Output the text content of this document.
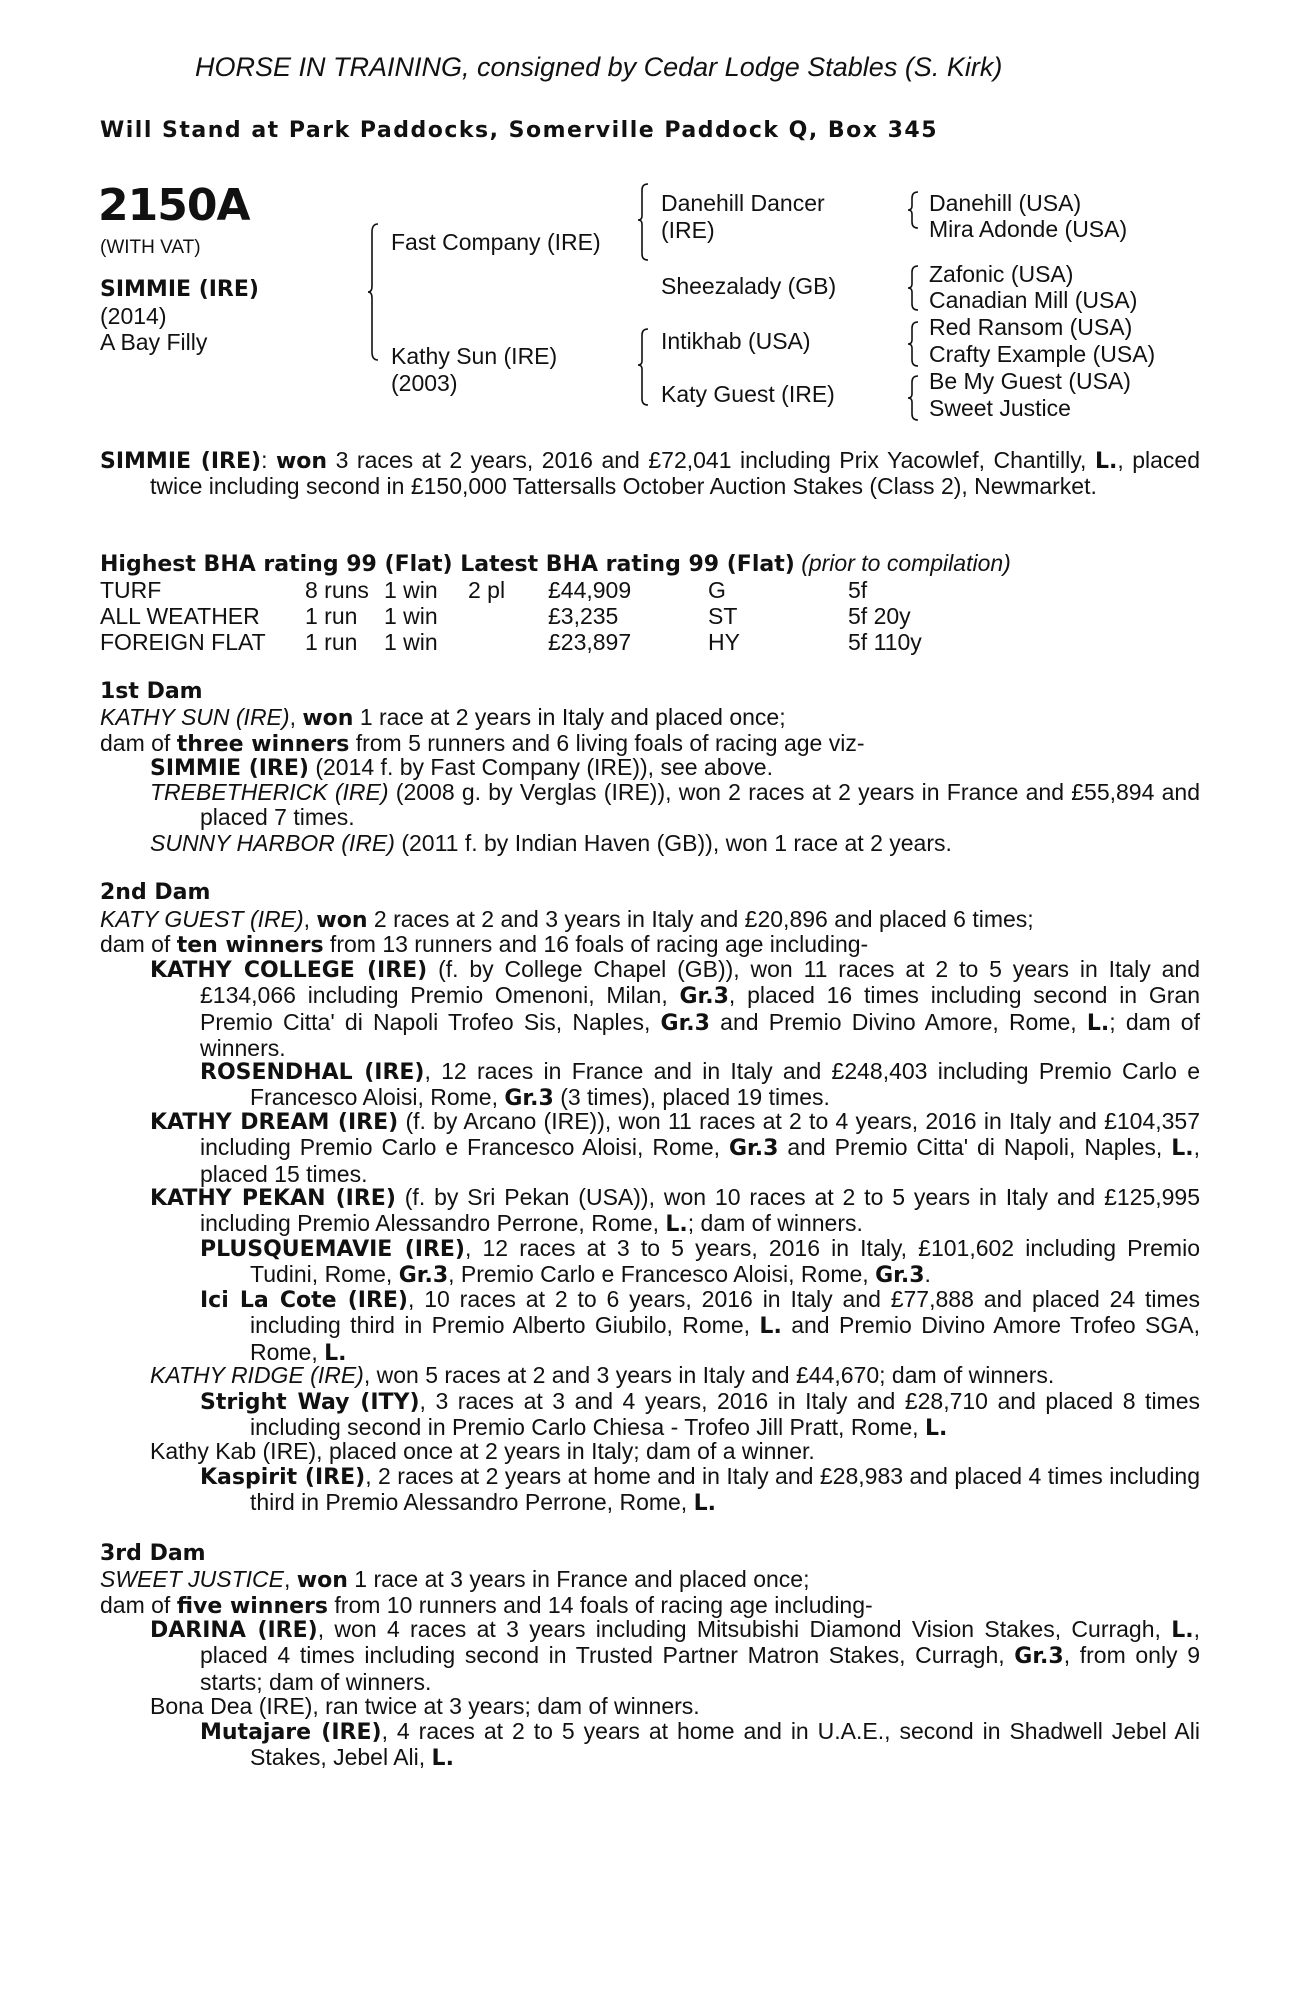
HORSE IN TRAINING, consigned by Cedar Lodge Stables (S. Kirk)
Will Stand at Park Paddocks, Somerville Paddock Q, Box 345
2150A
(WITH VAT)
SIMMIE (IRE)
(2014)
A Bay Filly
Fast Company (IRE)
Kathy Sun (IRE)
(2003)
Danehill Dancer
(IRE)
Sheezalady (GB)
Intikhab (USA)
Katy Guest (IRE)
Danehill (USA)
Mira Adonde (USA)
Zafonic (USA)
Canadian Mill (USA)
Red Ransom (USA)
Crafty Example (USA)
Be My Guest (USA)
Sweet Justice
SIMMIE (IRE): won 3 races at 2 years, 2016 and £72,041 including Prix Yacowlef, Chantilly, L., placed twice including second in £150,000 Tattersalls October Auction Stakes (Class 2), Newmarket.
Highest BHA rating 99 (Flat) Latest BHA rating 99 (Flat) (prior to compilation)
TURF	8 runs 1 win 2 pl £44,909	G	5f
ALL WEATHER 1 run 1 win	£3,235	ST	5f 20y
FOREIGN FLAT 1 run 1 win	£23,897	HY	5f 110y
1st Dam
KATHY SUN (IRE), won 1 race at 2 years in Italy and placed once;
dam of three winners from 5 runners and 6 living foals of racing age viz-
SIMMIE (IRE) (2014 f. by Fast Company (IRE)), see above.
TREBETHERICK (IRE) (2008 g. by Verglas (IRE)), won 2 races at 2 years in France and £55,894 and placed 7 times.
SUNNY HARBOR (IRE) (2011 f. by Indian Haven (GB)), won 1 race at 2 years.
2nd Dam
KATY GUEST (IRE), won 2 races at 2 and 3 years in Italy and £20,896 and placed 6 times;
dam of ten winners from 13 runners and 16 foals of racing age including-
KATHY COLLEGE (IRE) (f. by College Chapel (GB)), won 11 races at 2 to 5 years in Italy and £134,066 including Premio Omenoni, Milan, Gr.3, placed 16 times including second in Gran Premio Citta' di Napoli Trofeo Sis, Naples, Gr.3 and Premio Divino Amore, Rome, L.; dam of winners.
ROSENDHAL (IRE), 12 races in France and in Italy and £248,403 including Premio Carlo e Francesco Aloisi, Rome, Gr.3 (3 times), placed 19 times.
KATHY DREAM (IRE) (f. by Arcano (IRE)), won 11 races at 2 to 4 years, 2016 in Italy and £104,357 including Premio Carlo e Francesco Aloisi, Rome, Gr.3 and Premio Citta' di Napoli, Naples, L., placed 15 times.
KATHY PEKAN (IRE) (f. by Sri Pekan (USA)), won 10 races at 2 to 5 years in Italy and £125,995 including Premio Alessandro Perrone, Rome, L.; dam of winners.
PLUSQUEMAVIE (IRE), 12 races at 3 to 5 years, 2016 in Italy, £101,602 including Premio Tudini, Rome, Gr.3, Premio Carlo e Francesco Aloisi, Rome, Gr.3.
Ici La Cote (IRE), 10 races at 2 to 6 years, 2016 in Italy and £77,888 and placed 24 times including third in Premio Alberto Giubilo, Rome, L. and Premio Divino Amore Trofeo SGA, Rome, L.
KATHY RIDGE (IRE), won 5 races at 2 and 3 years in Italy and £44,670; dam of winners.
Stright Way (ITY), 3 races at 3 and 4 years, 2016 in Italy and £28,710 and placed 8 times including second in Premio Carlo Chiesa - Trofeo Jill Pratt, Rome, L.
Kathy Kab (IRE), placed once at 2 years in Italy; dam of a winner.
Kaspirit (IRE), 2 races at 2 years at home and in Italy and £28,983 and placed 4 times including third in Premio Alessandro Perrone, Rome, L.
3rd Dam
SWEET JUSTICE, won 1 race at 3 years in France and placed once;
dam of five winners from 10 runners and 14 foals of racing age including-
DARINA (IRE), won 4 races at 3 years including Mitsubishi Diamond Vision Stakes, Curragh, L., placed 4 times including second in Trusted Partner Matron Stakes, Curragh, Gr.3, from only 9 starts; dam of winners.
Bona Dea (IRE), ran twice at 3 years; dam of winners.
Mutajare (IRE), 4 races at 2 to 5 years at home and in U.A.E., second in Shadwell Jebel Ali Stakes, Jebel Ali, L.
